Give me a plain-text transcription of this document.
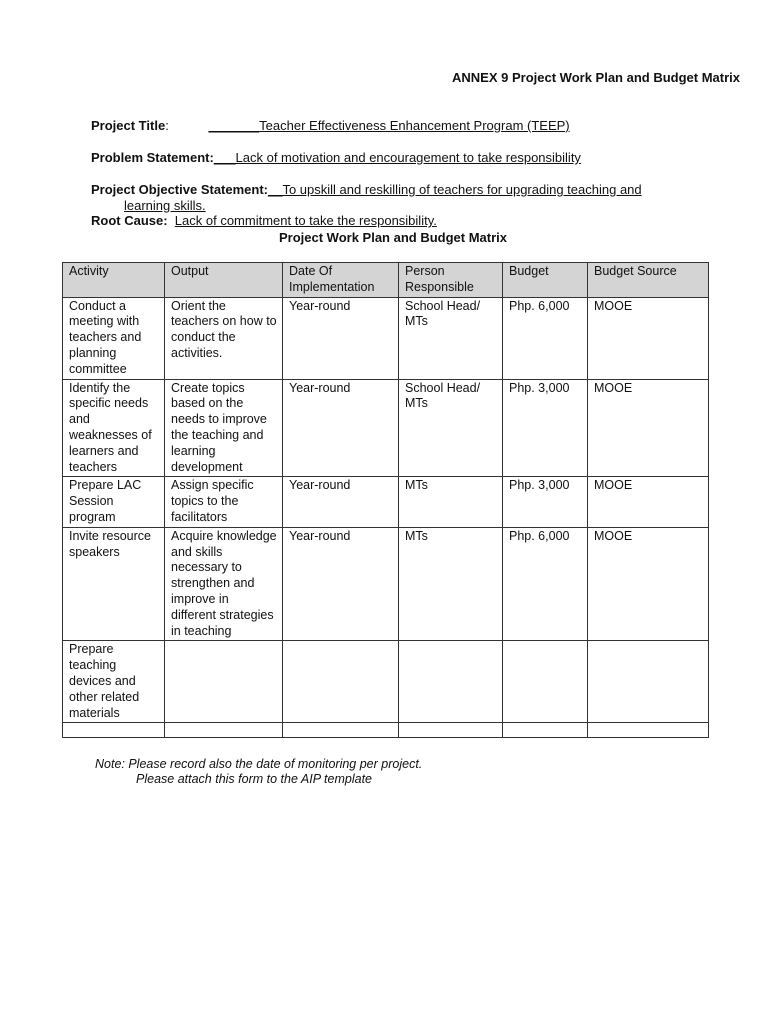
ANNEX 9 Project Work Plan and Budget Matrix
Project Title:	_______Teacher Effectiveness Enhancement Program (TEEP)
Problem Statement:___Lack of motivation and encouragement to take responsibility
Project Objective Statement:__To upskill and reskilling of teachers for upgrading teaching and
learning skills.
Root Cause: Lack of commitment to take the responsibility.
Project Work Plan and Budget Matrix
Activity	Output	Date Of Implementation	Person Responsible	Budget	Budget Source
Conduct a meeting with teachers and planning committee	Orient the teachers on how to conduct the activities.	Year-round	School Head/ MTs	Php. 6,000	MOOE
Identify the specific needs and weaknesses of learners and teachers	Create topics based on the needs to improve the teaching and learning development	Year-round	School Head/ MTs	Php. 3,000	MOOE
Prepare LAC Session program	Assign specific topics to the facilitators	Year-round	MTs	Php. 3,000	MOOE
Invite resource speakers	Acquire knowledge and skills necessary to strengthen and improve in different strategies in teaching	Year-round	MTs	Php. 6,000	MOOE
Prepare teaching devices and other related materials					

Note: Please record also the date of monitoring per project.
Please attach this form to the AIP template
